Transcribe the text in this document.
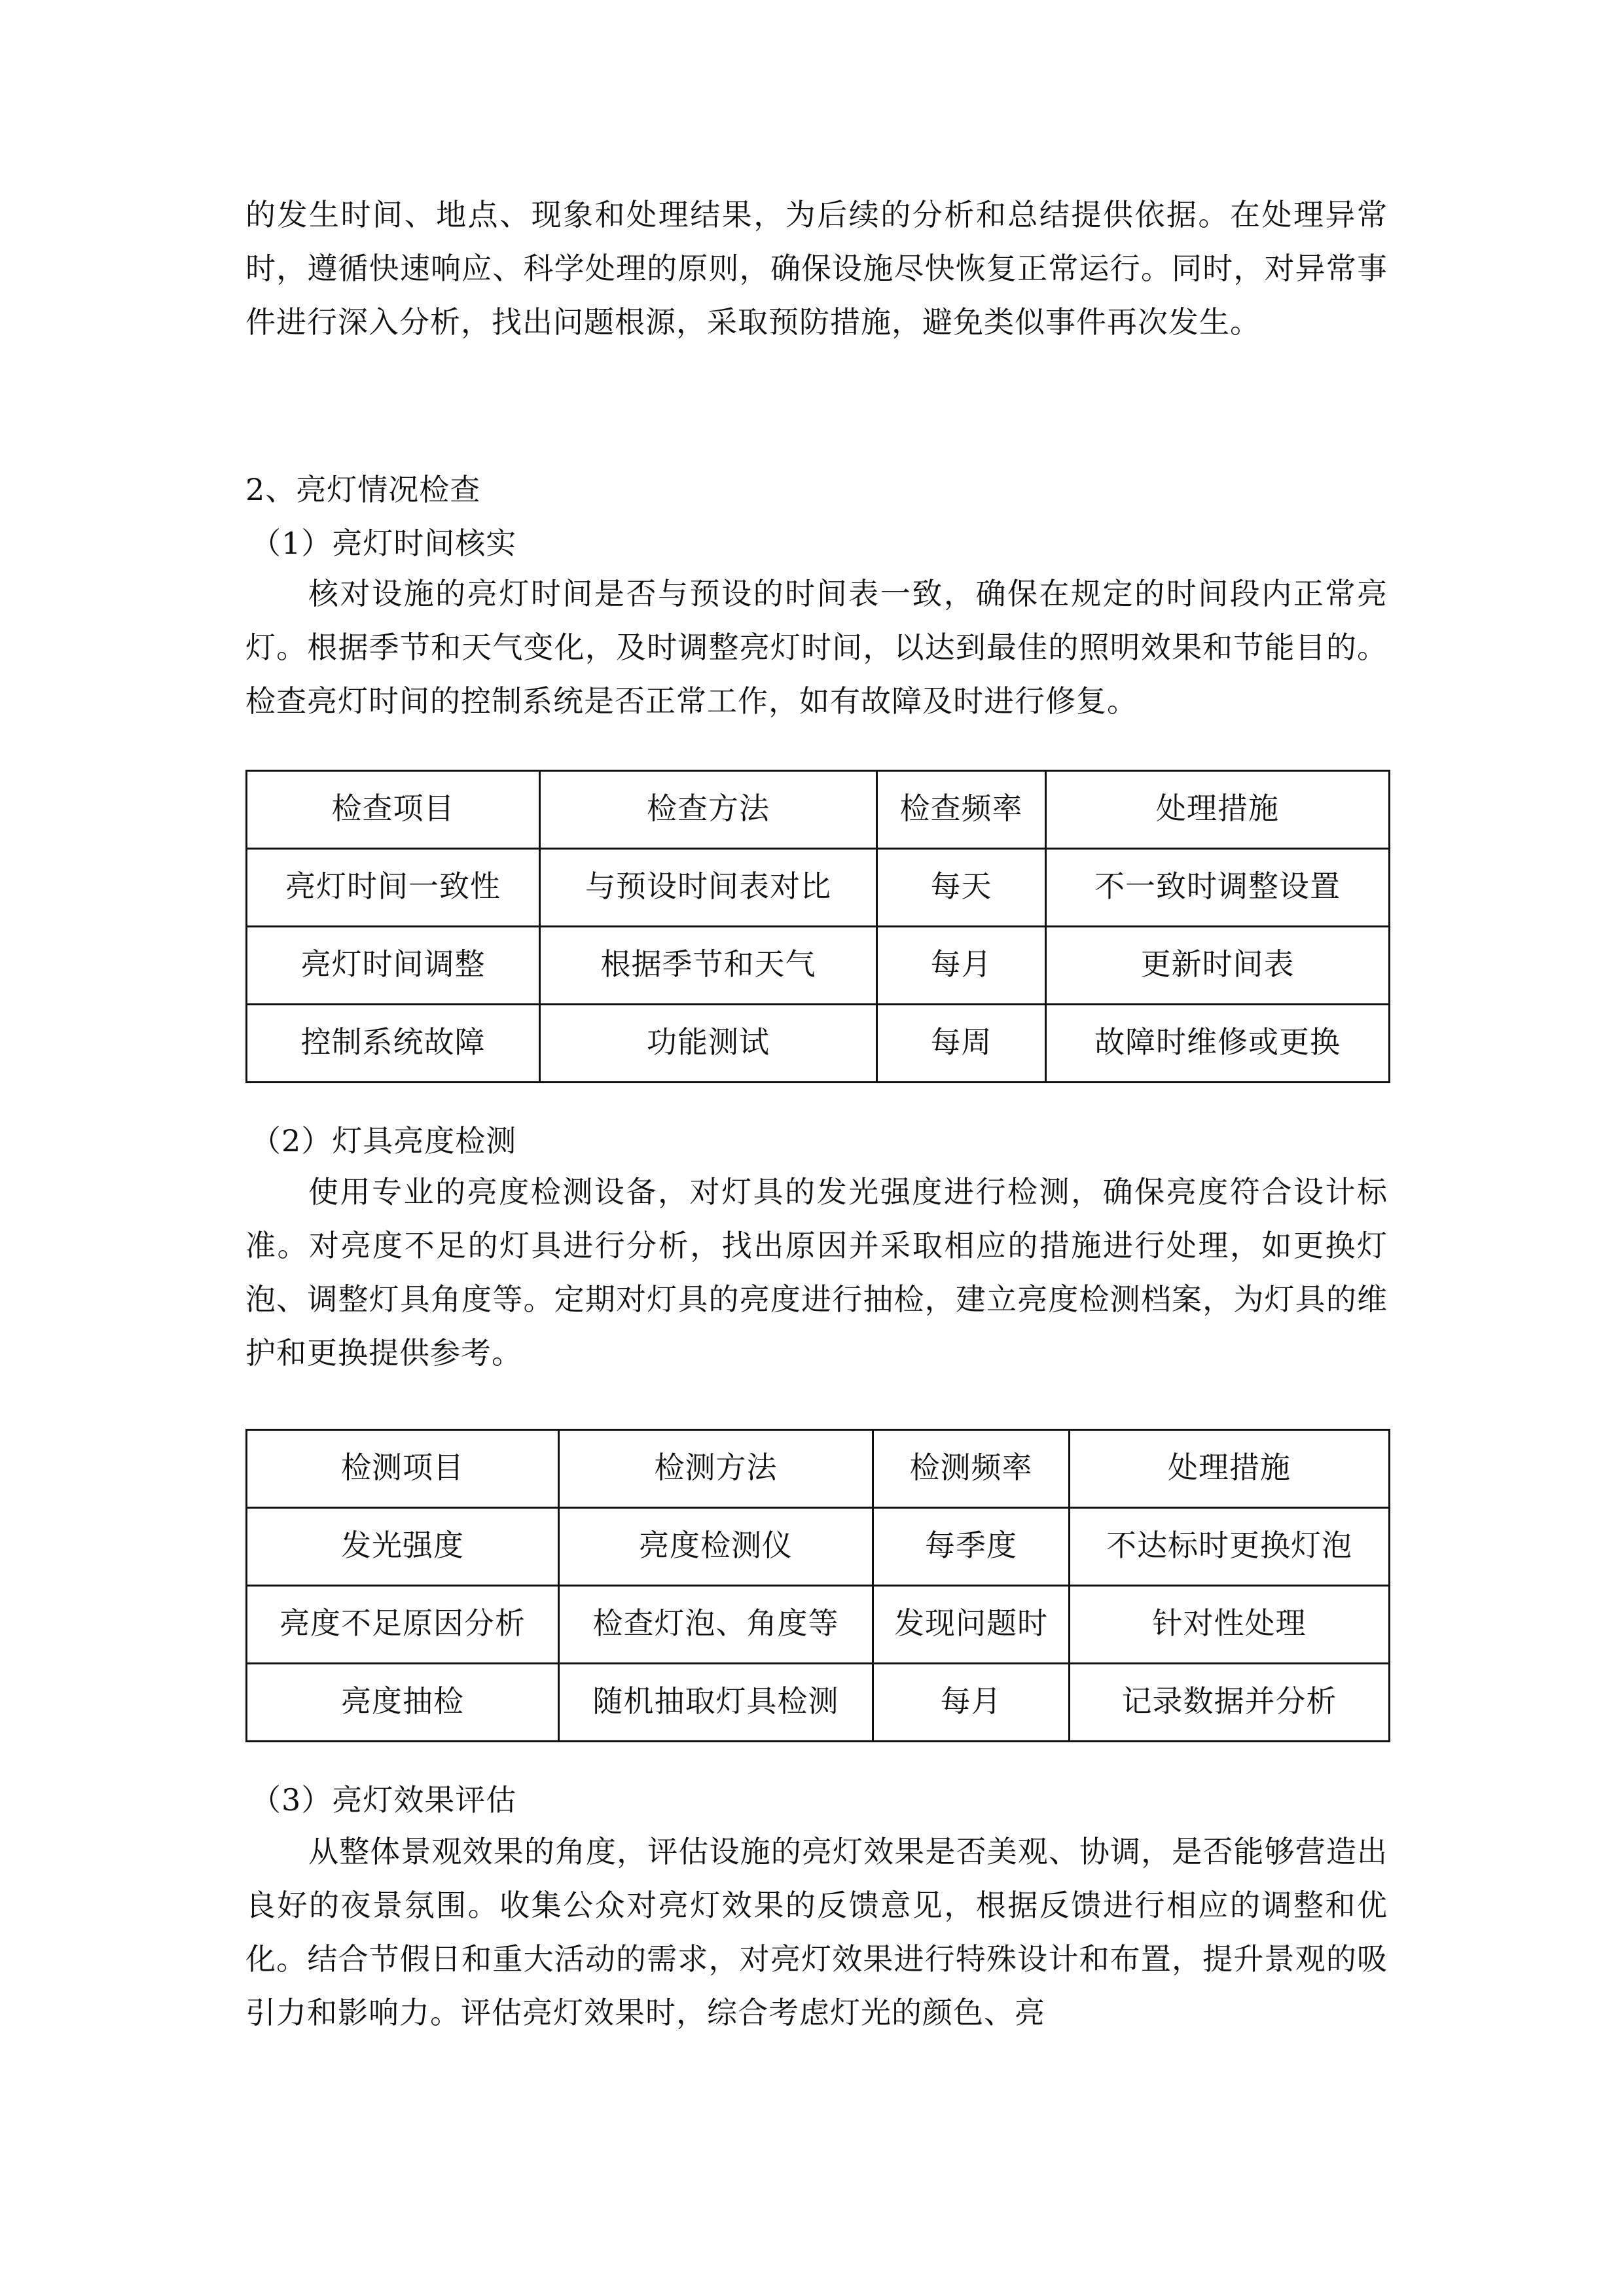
的发生时间、地点、现象和处理结果，为后续的分析和总结提供依据。在处理异常时，遵循快速响应、科学处理的原则，确保设施尽快恢复正常运行。同时，对异常事件进行深入分析，找出问题根源，采取预防措施，避免类似事件再次发生。

2、亮灯情况检查
（1）亮灯时间核实

核对设施的亮灯时间是否与预设的时间表一致，确保在规定的时间段内正常亮灯。根据季节和天气变化，及时调整亮灯时间，以达到最佳的照明效果和节能目的。检查亮灯时间的控制系统是否正常工作，如有故障及时进行修复。

检查项目	检查方法	检查频率	处理措施
亮灯时间一致性	与预设时间表对比	每天	不一致时调整设置
亮灯时间调整	根据季节和天气	每月	更新时间表
控制系统故障	功能测试	每周	故障时维修或更换
（2）灯具亮度检测

使用专业的亮度检测设备，对灯具的发光强度进行检测，确保亮度符合设计标准。对亮度不足的灯具进行分析，找出原因并采取相应的措施进行处理，如更换灯泡、调整灯具角度等。定期对灯具的亮度进行抽检，建立亮度检测档案，为灯具的维护和更换提供参考。

检测项目	检测方法	检测频率	处理措施
发光强度	亮度检测仪	每季度	不达标时更换灯泡
亮度不足原因分析	检查灯泡、角度等	发现问题时	针对性处理
亮度抽检	随机抽取灯具检测	每月	记录数据并分析
（3）亮灯效果评估

从整体景观效果的角度，评估设施的亮灯效果是否美观、协调，是否能够营造出良好的夜景氛围。收集公众对亮灯效果的反馈意见，根据反馈进行相应的调整和优化。结合节假日和重大活动的需求，对亮灯效果进行特殊设计和布置，提升景观的吸引力和影响力。评估亮灯效果时，综合考虑灯光的颜色、亮
